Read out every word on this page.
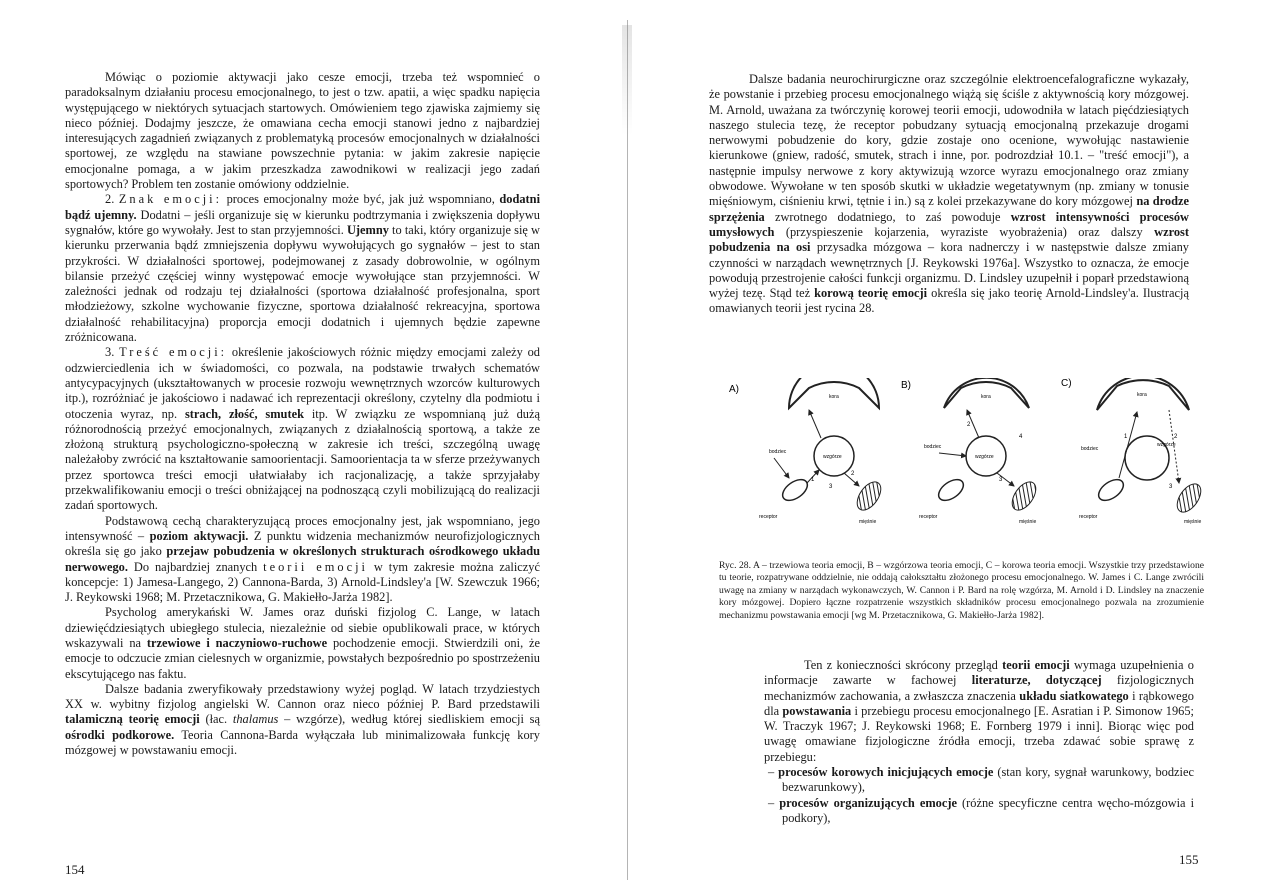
Mówiąc o poziomie aktywacji jako cesze emocji, trzeba też wspomnieć o paradoksalnym działaniu procesu emocjonalnego, to jest o tzw. apatii, a więc spadku napięcia występującego w niektórych sytuacjach startowych. Omówieniem tego zjawiska zajmiemy się nieco później. Dodajmy jeszcze, że omawiana cecha emocji stanowi jedno z najbardziej interesujących zagadnień związanych z problematyką procesów emocjonalnych w działalności sportowej, ze względu na stawiane powszechnie pytania: w jakim zakresie napięcie emocjonalne pomaga, a w jakim przeszkadza zawodnikowi w realizacji jego zadań sportowych? Problem ten zostanie omówiony oddzielnie.

2. Znak emocji: proces emocjonalny może być, jak już wspomniano, dodatni bądź ujemny. Dodatni – jeśli organizuje się w kierunku podtrzymania i zwiększenia dopływu sygnałów, które go wywołały. Jest to stan przyjemności. Ujemny to taki, który organizuje się w kierunku przerwania bądź zmniejszenia dopływu wywołujących go sygnałów – jest to stan przykrości. W działalności sportowej, podejmowanej z zasady dobrowolnie, w ogólnym bilansie przeżyć częściej winny występować emocje wywołujące stan przyjemności. W zależności jednak od rodzaju tej działalności (sportowa działalność profesjonalna, sport młodzieżowy, szkolne wychowanie fizyczne, sportowa działalność rekreacyjna, sportowa działalność rehabilitacyjna) proporcja emocji dodatnich i ujemnych będzie zapewne zróżnicowana.

3. Treść emocji: określenie jakościowych różnic między emocjami zależy od odzwierciedlenia ich w świadomości, co pozwala, na podstawie trwałych schematów antycypacyjnych (ukształtowanych w procesie rozwoju wewnętrznych wzorców kulturowych itp.), rozróżniać je jakościowo i nadawać ich reprezentacji określony, czytelny dla podmiotu i otoczenia wyraz, np. strach, złość, smutek itp. W związku ze wspomnianą już dużą różnorodnością przeżyć emocjonalnych, związanych z działalnością sportową, a także ze złożoną strukturą psychologiczno-społeczną w zakresie ich treści, szczególną uwagę należałoby zwrócić na kształtowanie samoorientacji. Samoorientacja ta w sferze przeżywanych przez sportowca treści emocji ułatwiałaby ich racjonalizację, a także sprzyjałaby przekwalifikowaniu emocji o treści obniżającej na podnoszącą czyli mobilizującą do realizacji zadań sportowych.

Podstawową cechą charakteryzującą proces emocjonalny jest, jak wspomniano, jego intensywność – poziom aktywacji. Z punktu widzenia mechanizmów neurofizjologicznych określa się go jako przejaw pobudzenia w określonych strukturach ośrodkowego układu nerwowego. Do najbardziej znanych teorii emocji w tym zakresie można zaliczyć koncepcje: 1) Jamesa-Langego, 2) Cannona-Barda, 3) Arnold-Lindsley'a [W. Szewczuk 1966; J. Reykowski 1968; M. Przetacznikowa, G. Makiełło-Jarża 1982].

Psycholog amerykański W. James oraz duński fizjolog C. Lange, w latach dziewięćdziesiątych ubiegłego stulecia, niezależnie od siebie opublikowali prace, w których wskazywali na trzewiowe i naczyniowo-ruchowe pochodzenie emocji. Stwierdzili oni, że emocje to odczucie zmian cielesnych w organizmie, powstałych bezpośrednio po spostrzeżeniu ekscytującego nas faktu.

Dalsze badania zweryfikowały przedstawiony wyżej pogląd. W latach trzydziestych XX w. wybitny fizjolog angielski W. Cannon oraz nieco później P. Bard przedstawili talamiczną teorię emocji (łac. thalamus – wzgórze), według której siedliskiem emocji są ośrodki podkorowe. Teoria Cannona-Barda wyłączała lub minimalizowała funkcję kory mózgowej w powstawaniu emocji.

154

Dalsze badania neurochirurgiczne oraz szczególnie elektroencefalograficzne wykazały, że powstanie i przebieg procesu emocjonalnego wiążą się ściśle z aktywnością kory mózgowej. M. Arnold, uważana za twórczynię korowej teorii emocji, udowodniła w latach pięćdziesiątych naszego stulecia tezę, że receptor pobudzany sytuacją emocjonalną przekazuje drogami nerwowymi pobudzenie do kory, gdzie zostaje ono ocenione, wywołując nastawienie kierunkowe (gniew, radość, smutek, strach i inne, por. podrozdział 10.1. – "treść emocji"), a następnie impulsy nerwowe z kory aktywizują wzorce wyrazu emocjonalnego oraz zmiany obwodowe. Wywołane w ten sposób skutki w układzie wegetatywnym (np. zmiany w tonusie mięśniowym, ciśnieniu krwi, tętnie i in.) są z kolei przekazywane do kory mózgowej na drodze sprzężenia zwrotnego dodatniego, to zaś powoduje wzrost intensywności procesów umysłowych (przyspieszenie kojarzenia, wyraziste wyobrażenia) oraz dalszy wzrost pobudzenia na osi przysadka mózgowa – kora nadnerczy i w następstwie dalsze zmiany czynności w narządach wewnętrznych [J. Reykowski 1976a]. Wszystko to oznacza, że emocje powodują przestrojenie całości funkcji organizmu. D. Lindsley uzupełnił i poparł przedstawioną wyżej tezę. Stąd też korową teorię emocji określa się jako teorię Arnold-Lindsley'a. Ilustracją omawianych teorii jest rycina 28.

A)
kora
wzgórze
bodziec
1
2
3
receptor
mięśnie
B)
kora
wzgórze
bodziec
2
3
4
receptor
mięśnie
C)
kora
wzgórze
bodziec
1	2
3
receptor
mięśnie

Ryc. 28. A – trzewiowa teoria emocji, B – wzgórzowa teoria emocji, C – korowa teoria emocji. Wszystkie trzy przedstawione tu teorie, rozpatrywane oddzielnie, nie oddają całokształtu złożonego procesu emocjonalnego. W. James i C. Lange zwrócili uwagę na zmiany w narządach wykonawczych, W. Cannon i P. Bard na rolę wzgórza, M. Arnold i D. Lindsley na znaczenie kory mózgowej. Dopiero łączne rozpatrzenie wszystkich składników procesu emocjonalnego pozwala na zrozumienie mechanizmu powstawania emocji [wg M. Przetacznikowa, G. Makiełło-Jarża 1982].

Ten z konieczności skrócony przegląd teorii emocji wymaga uzupełnienia o informacje zawarte w fachowej literaturze, dotyczącej fizjologicznych mechanizmów zachowania, a zwłaszcza znaczenia układu siatkowatego i rąbkowego dla powstawania i przebiegu procesu emocjonalnego [E. Asratian i P. Simonow 1965; W. Traczyk 1967; J. Reykowski 1968; E. Fornberg 1979 i inni]. Biorąc więc pod uwagę omawiane fizjologiczne źródła emocji, trzeba zdawać sobie sprawę z przebiegu:

– procesów korowych inicjujących emocje (stan kory, sygnał warunkowy, bodziec bezwarunkowy),

– procesów organizujących emocje (różne specyficzne centra węcho-mózgowia i podkory),

155
